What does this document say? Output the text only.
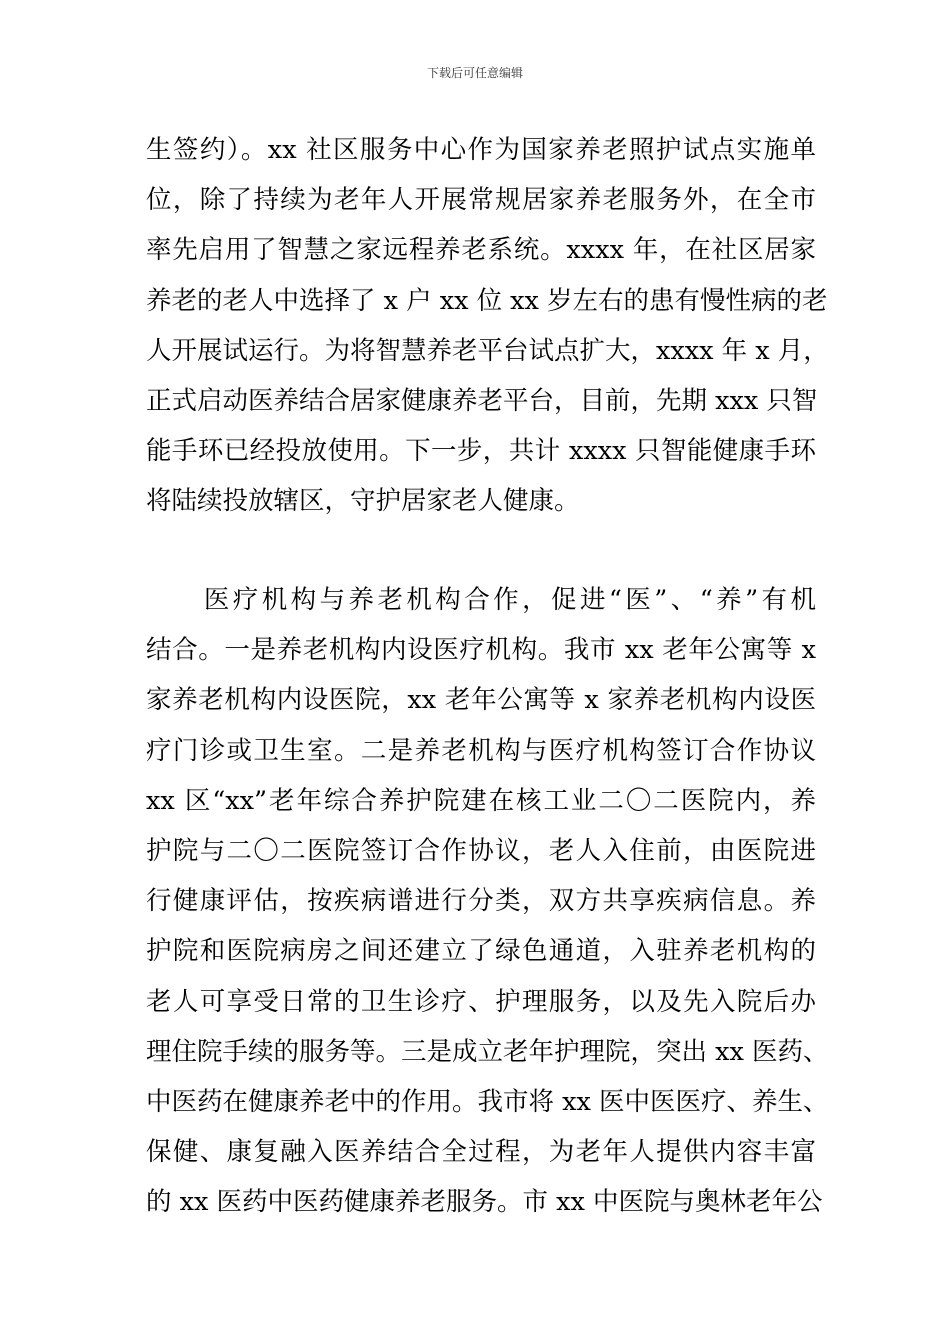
下载后可任意编辑
生签约）。xx 社区服务中心作为国家养老照护试点实施单
位，除了持续为老年人开展常规居家养老服务外，在全市
率先启用了智慧之家远程养老系统。xxxx 年，在社区居家
养老的老人中选择了 x 户 xx 位 xx 岁左右的患有慢性病的老
人开展试运行。为将智慧养老平台试点扩大，xxxx 年 x 月，
正式启动医养结合居家健康养老平台，目前，先期 xxx 只智
能手环已经投放使用。下一步，共计 xxxx 只智能健康手环
将陆续投放辖区，守护居家老人健康。
　　医疗机构与养老机构合作，促进“医”、“养”有机
结合。一是养老机构内设医疗机构。我市 xx 老年公寓等 x
家养老机构内设医院，xx 老年公寓等 x 家养老机构内设医
疗门诊或卫生室。二是养老机构与医疗机构签订合作协议
xx 区“xx”老年综合养护院建在核工业二〇二医院内，养
护院与二〇二医院签订合作协议，老人入住前，由医院进
行健康评估，按疾病谱进行分类，双方共享疾病信息。养
护院和医院病房之间还建立了绿色通道，入驻养老机构的
老人可享受日常的卫生诊疗、护理服务，以及先入院后办
理住院手续的服务等。三是成立老年护理院，突出 xx 医药、
中医药在健康养老中的作用。我市将 xx 医中医医疗、养生、
保健、康复融入医养结合全过程，为老年人提供内容丰富
的 xx 医药中医药健康养老服务。市 xx 中医院与奥林老年公
